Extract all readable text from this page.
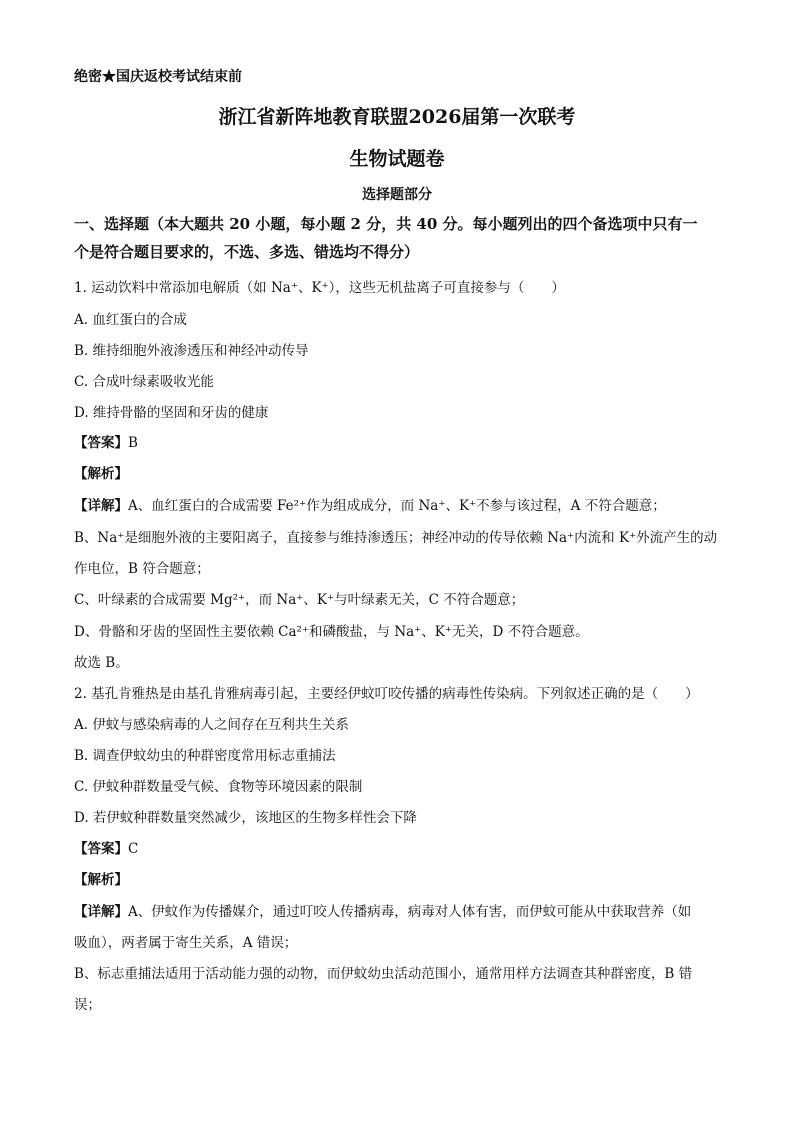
绝密★国庆返校考试结束前
浙江省新阵地教育联盟2026届第一次联考
生物试题卷
选择题部分
一、选择题（本大题共 20 小题，每小题 2 分，共 40 分。每小题列出的四个备选项中只有一
个是符合题目要求的，不选、多选、错选均不得分）
1. 运动饮料中常添加电解质（如 Na⁺、K⁺），这些无机盐离子可直接参与（　　）
A. 血红蛋白的合成
B. 维持细胞外液渗透压和神经冲动传导
C. 合成叶绿素吸收光能
D. 维持骨骼的坚固和牙齿的健康
【答案】B
【解析】
【详解】A、血红蛋白的合成需要 Fe²⁺作为组成成分，而 Na⁺、K⁺不参与该过程，A 不符合题意；
B、Na⁺是细胞外液的主要阳离子，直接参与维持渗透压；神经冲动的传导依赖 Na⁺内流和 K⁺外流产生的动
作电位，B 符合题意；
C、叶绿素的合成需要 Mg²⁺，而 Na⁺、K⁺与叶绿素无关，C 不符合题意；
D、骨骼和牙齿的坚固性主要依赖 Ca²⁺和磷酸盐，与 Na⁺、K⁺无关，D 不符合题意。
故选 B。
2. 基孔肯雅热是由基孔肯雅病毒引起，主要经伊蚊叮咬传播的病毒性传染病。下列叙述正确的是（　　）
A. 伊蚊与感染病毒的人之间存在互利共生关系
B. 调查伊蚊幼虫的种群密度常用标志重捕法
C. 伊蚊种群数量受气候、食物等环境因素的限制
D. 若伊蚊种群数量突然减少，该地区的生物多样性会下降
【答案】C
【解析】
【详解】A、伊蚊作为传播媒介，通过叮咬人传播病毒，病毒对人体有害，而伊蚊可能从中获取营养（如
吸血），两者属于寄生关系，A 错误；
B、标志重捕法适用于活动能力强的动物，而伊蚊幼虫活动范围小，通常用样方法调查其种群密度，B 错
误；
